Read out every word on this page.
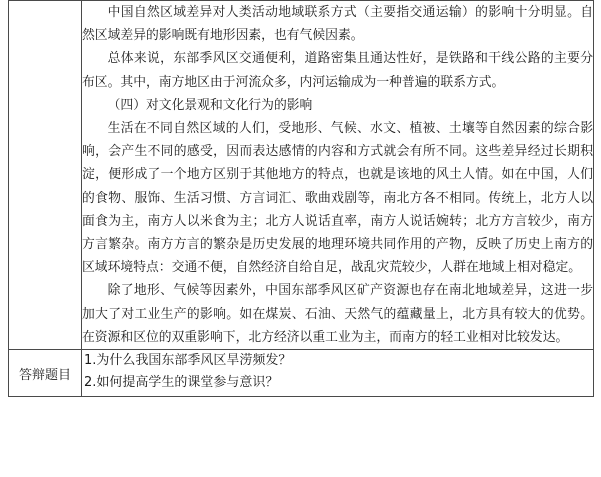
	中国自然区域差异对人类活动地域联系方式（主要指交通运输）的影响十分明显。自然区域差异的影响既有地形因素，也有气候因素。

总体来说，东部季风区交通便利，道路密集且通达性好，是铁路和干线公路的主要分布区。其中，南方地区由于河流众多，内河运输成为一种普遍的联系方式。

（四）对文化景观和文化行为的影响

生活在不同自然区域的人们，受地形、气候、水文、植被、土壤等自然因素的综合影响，会产生不同的感受，因而表达感情的内容和方式就会有所不同。这些差异经过长期积淀，便形成了一个地方区别于其他地方的特点，也就是该地的风土人情。如在中国，人们的食物、服饰、生活习惯、方言词汇、歌曲戏剧等，南北方各不相同。传统上，北方人以面食为主，南方人以米食为主；北方人说话直率，南方人说话婉转；北方方言较少，南方方言繁杂。南方方言的繁杂是历史发展的地理环境共同作用的产物，反映了历史上南方的区域环境特点：交通不便，自然经济自给自足，战乱灾荒较少，人群在地域上相对稳定。

除了地形、气候等因素外，中国东部季风区矿产资源也存在南北地域差异，这进一步加大了对工业生产的影响。如在煤炭、石油、天然气的蕴藏量上，北方具有较大的优势。在资源和区位的双重影响下，北方经济以重工业为主，而南方的轻工业相对比较发达。

答辩题目	1.为什么我国东部季风区旱涝频发？

2.如何提高学生的课堂参与意识？
